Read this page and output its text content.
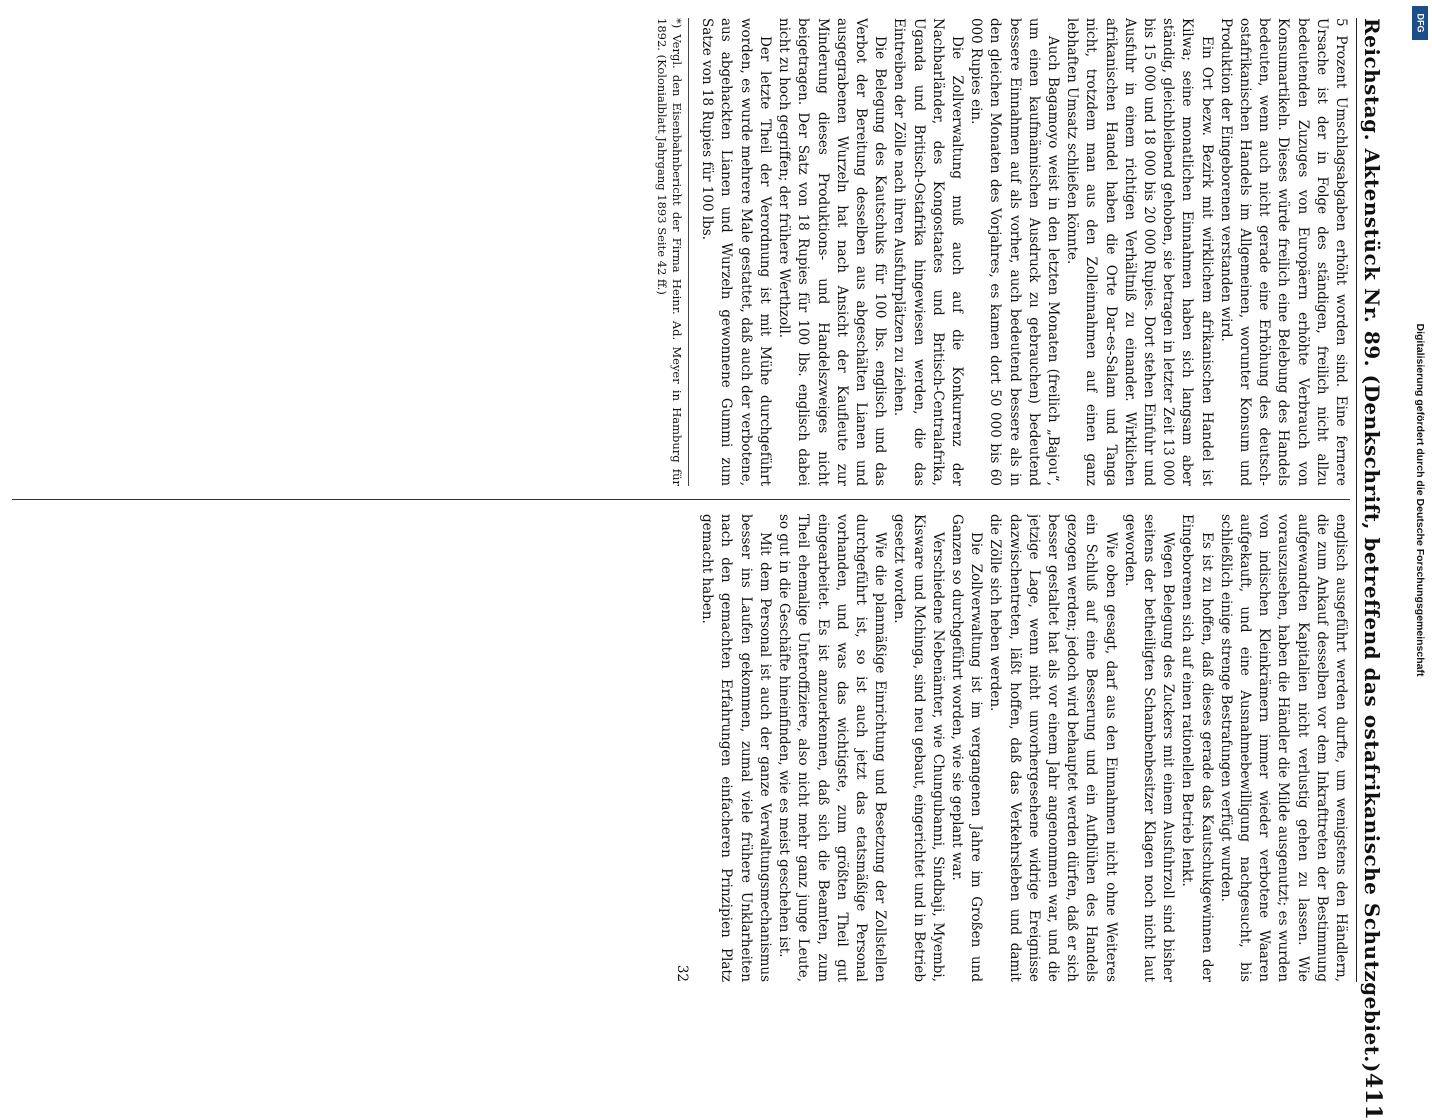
Reichstag. Aktenstück Nr. 89. (Denkschrift, betreffend das ostafrikanische Schutzgebiet.)
411

5 Prozent Umschlagsabgaben erhöht worden sind. Eine fernere Ursache ist der in Folge des ständigen, freilich nicht allzu bedeutenden Zuzuges von Europäern erhöhte Verbrauch von Konsumartikeln. Dieses würde freilich eine Belebung des Handels bedeuten, wenn auch nicht gerade eine Erhöhung des deutsch-ostafrikanischen Handels im Allgemeinen, worunter Konsum und Produktion der Eingeborenen verstanden wird.

Ein Ort bezw. Bezirk mit wirklichem afrikanischen Handel ist Kilwa; seine monatlichen Einnahmen haben sich langsam aber ständig, gleichbleibend gehoben, sie betragen in letzter Zeit 13 000 bis 15 000 und 18 000 bis 20 000 Rupies. Dort stehen Einfuhr und Ausfuhr in einem richtigen Verhältniß zu einander. Wirklichen afrikanischen Handel haben die Orte Dar-es-Salam und Tanga nicht, trotzdem man aus den Zolleinnahmen auf einen ganz lebhaften Umsatz schließen könnte.

Auch Bagamoyo weist in den letzten Monaten (freilich „Bajou“, um einen kaufmännischen Ausdruck zu gebrauchen) bedeutend bessere Einnahmen auf als vorher, auch bedeutend bessere als in den gleichen Monaten des Vorjahres, es kamen dort 50 000 bis 60 000 Rupies ein.

Die Zollverwaltung muß auch auf die Konkurrenz der Nachbarländer, des Kongostaates und Britisch-Centralafrika, Uganda und Britisch-Ostafrika hingewiesen werden, die das Eintreiben der Zölle nach ihren Ausfuhrplätzen zu ziehen.

Die Belegung des Kautschuks für 100 lbs. englisch und das Verbot der Bereitung desselben aus abgeschälten Lianen und ausgegrabenen Wurzeln hat nach Ansicht der Kaufleute zur Minderung dieses Produktions- und Handelszweiges nicht beigetragen. Der Satz von 18 Rupies für 100 lbs. englisch dabei nicht zu hoch gegriffen; der frühere Werthzoll.

Der letzte Theil der Verordnung ist mit Mühe durchgeführt worden, es wurde mehrere Male gestattet, daß auch der verbotene, aus abgehackten Lianen und Wurzeln gewonnene Gummi zum Satze von 18 Rupies für 100 lbs.

*) Vergl. den Eisenbahnbericht der Firma Heinr. Ad. Meyer in Hamburg für 1892. (Kolonialblatt Jahrgang 1893 Seite 42 ff.)

englisch ausgeführt werden durfte, um wenigstens den Händlern, die zum Ankauf desselben vor dem Inkrafttreten der Bestimmung aufgewandten Kapitalien nicht verlustig gehen zu lassen. Wie vorauszusehen, haben die Händler die Milde ausgenutzt; es wurden von indischen Kleinkrämern immer wieder verbotene Waaren aufgekauft, und eine Ausnahmebewilligung nachgesucht, bis schließlich einige strenge Bestrafungen verfügt wurden.

Es ist zu hoffen, daß dieses gerade das Kautschukgewinnen der Eingeborenen sich auf einen rationellen Betrieb lenkt.

Wegen Belegung des Zuckers mit einem Ausfuhrzoll sind bisher seitens der betheiligten Schambenbesitzer Klagen noch nicht laut geworden.

Wie oben gesagt, darf aus den Einnahmen nicht ohne Weiteres ein Schluß auf eine Besserung und ein Aufblühen des Handels gezogen werden; jedoch wird behauptet werden dürfen, daß er sich besser gestaltet hat als vor einem Jahr angenommen war, und die jetzige Lage, wenn nicht unvorhergesehene widrige Ereignisse dazwischentreten, läßt hoffen, daß das Verkehrsleben und damit die Zölle sich heben werden.

Die Zollverwaltung ist im vergangenen Jahre im Großen und Ganzen so durchgeführt worden, wie sie geplant war.

Verschiedene Nebenämter, wie Chungubanni, Sindbaji, Myembi, Kisware und Mchinga, sind neu gebaut, eingerichtet und in Betrieb gesetzt worden.

Wie die planmäßige Einrichtung und Besetzung der Zollstellen durchgeführt ist, so ist auch jetzt das etatsmäßige Personal vorhanden, und was das wichtigste, zum größten Theil gut eingearbeitet. Es ist anzuerkennen, daß sich die Beamten, zum Theil ehemalige Unteroffiziere, also nicht mehr ganz junge Leute, so gut in die Geschäfte hineinfinden, wie es meist geschehen ist.

Mit dem Personal ist auch der ganze Verwaltungsmechanismus besser ins Laufen gekommen, zumal viele frühere Unklarheiten nach den gemachten Erfahrungen einfacheren Prinzipien Platz gemacht haben.

32
DFG
Digitalisierung gefördert durch die Deutsche Forschungsgemeinschaft
